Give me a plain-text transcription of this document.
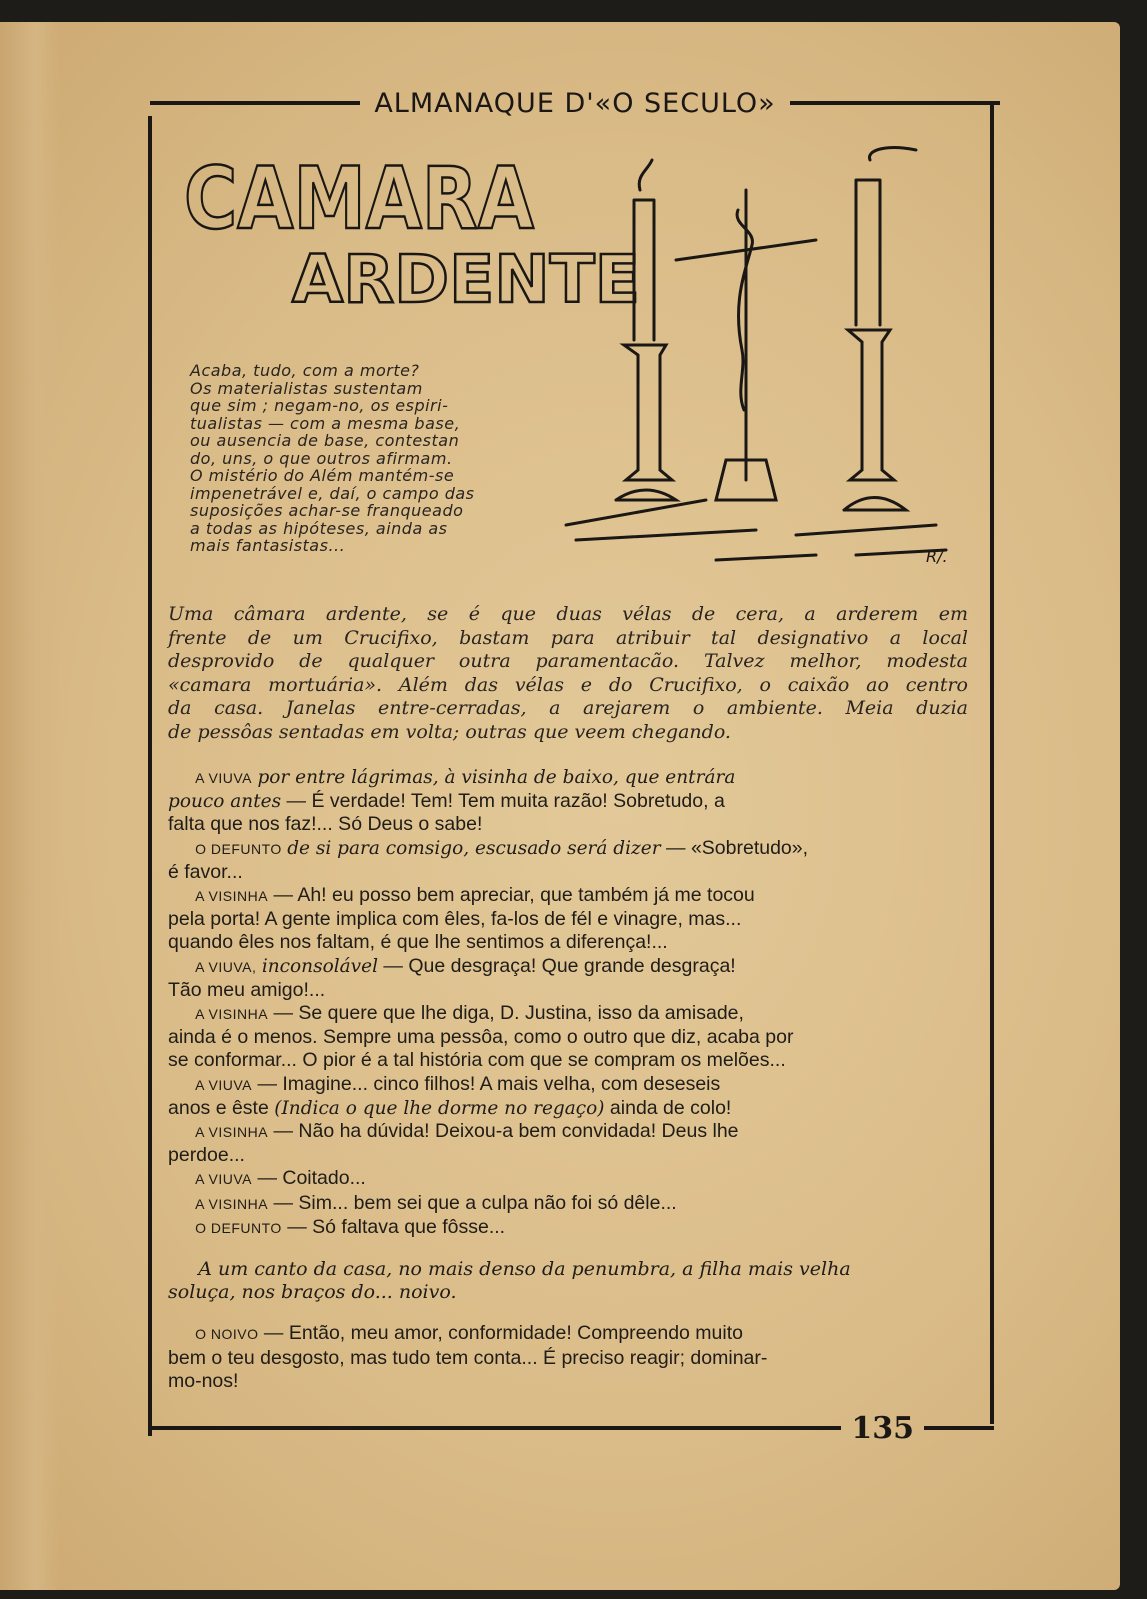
ALMANAQUE D'«O SECULO»
CAMARA
ARDENTE
R/.
Acaba, tudo, com a morte?
Os materialistas sustentam
que sim ; negam-no, os espiri-
tualistas — com a mesma base,
ou ausencia de base, contestan
do, uns, o que outros afirmam.
O mistério do Além mantém-se
impenetrável e, daí, o campo das
suposições achar-se franqueado
a todas as hipóteses, ainda as
mais fantasistas...
Uma câmara ardente, se é que duas vélas de cera, a arderem em
frente de um Crucifixo, bastam para atribuir tal designativo a local
desprovido de qualquer outra paramentacão. Talvez melhor, modesta
«camara mortuária». Além das vélas e do Crucifixo, o caixão ao centro
da casa. Janelas entre-cerradas, a arejarem o ambiente. Meia duzia
de pessôas sentadas em volta; outras que veem chegando.
A VIUVA por entre lágrimas, à visinha de baixo, que entrára
pouco antes — É verdade! Tem! Tem muita razão! Sobretudo, a
falta que nos faz!... Só Deus o sabe!
O DEFUNTO de si para comsigo, escusado será dizer — «Sobretudo»,
é favor...
A VISINHA — Ah! eu posso bem apreciar, que também já me tocou
pela porta! A gente implica com êles, fa-los de fél e vinagre, mas...
quando êles nos faltam, é que lhe sentimos a diferença!...
A VIUVA, inconsolável — Que desgraça! Que grande desgraça!
Tão meu amigo!...
A VISINHA — Se quere que lhe diga, D. Justina, isso da amisade,
ainda é o menos. Sempre uma pessôa, como o outro que diz, acaba por
se conformar... O pior é a tal história com que se compram os melões...
A VIUVA — Imagine... cinco filhos! A mais velha, com deseseis
anos e êste (Indica o que lhe dorme no regaço) ainda de colo!
A VISINHA — Não ha dúvida! Deixou-a bem convidada! Deus lhe
perdoe...
A VIUVA — Coitado...
A VISINHA — Sim... bem sei que a culpa não foi só dêle...
O DEFUNTO — Só faltava que fôsse...
A um canto da casa, no mais denso da penumbra, a filha mais velha
soluça, nos braços do... noivo.
O NOIVO — Então, meu amor, conformidade! Compreendo muito
bem o teu desgosto, mas tudo tem conta... É preciso reagir; dominar-
mo-nos!
135
